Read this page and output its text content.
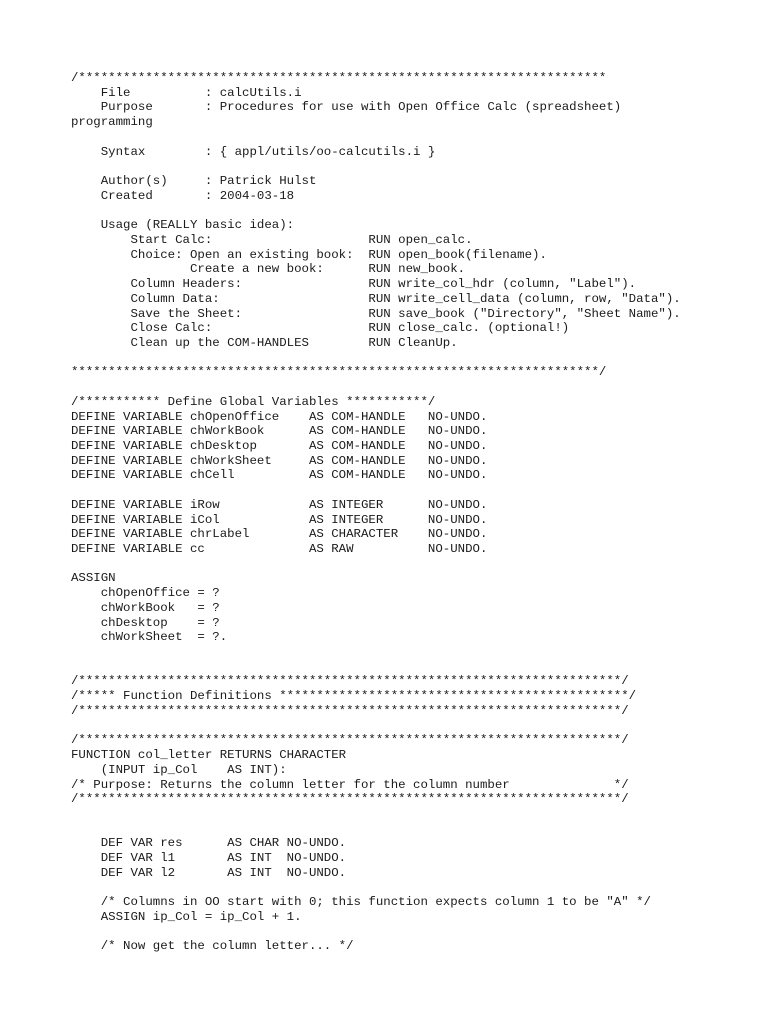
/***********************************************************************
File          : calcUtils.i
Purpose       : Procedures for use with Open Office Calc (spreadsheet)
programming
Syntax        : { appl/utils/oo-calcutils.i }
Author(s)     : Patrick Hulst
Created       : 2004-03-18
Usage (REALLY basic idea):
Start Calc:                     RUN open_calc.
Choice: Open an existing book:  RUN open_book(filename).
Create a new book:      RUN new_book.
Column Headers:                 RUN write_col_hdr (column, "Label").
Column Data:                    RUN write_cell_data (column, row, "Data").
Save the Sheet:                 RUN save_book ("Directory", "Sheet Name").
Close Calc:                     RUN close_calc. (optional!)
Clean up the COM-HANDLES        RUN CleanUp.
***********************************************************************/
/*********** Define Global Variables ***********/
DEFINE VARIABLE chOpenOffice    AS COM-HANDLE   NO-UNDO.
DEFINE VARIABLE chWorkBook      AS COM-HANDLE   NO-UNDO.
DEFINE VARIABLE chDesktop       AS COM-HANDLE   NO-UNDO.
DEFINE VARIABLE chWorkSheet     AS COM-HANDLE   NO-UNDO.
DEFINE VARIABLE chCell          AS COM-HANDLE   NO-UNDO.
DEFINE VARIABLE iRow            AS INTEGER      NO-UNDO.
DEFINE VARIABLE iCol            AS INTEGER      NO-UNDO.
DEFINE VARIABLE chrLabel        AS CHARACTER    NO-UNDO.
DEFINE VARIABLE cc              AS RAW          NO-UNDO.
ASSIGN
chOpenOffice = ?
chWorkBook   = ?
chDesktop    = ?
chWorkSheet  = ?.
/*************************************************************************/
/***** Function Definitions ***********************************************/
/*************************************************************************/
/*************************************************************************/
FUNCTION col_letter RETURNS CHARACTER
(INPUT ip_Col    AS INT):
/* Purpose: Returns the column letter for the column number              */
/*************************************************************************/
DEF VAR res      AS CHAR NO-UNDO.
DEF VAR l1       AS INT  NO-UNDO.
DEF VAR l2       AS INT  NO-UNDO.
/* Columns in OO start with 0; this function expects column 1 to be "A" */
ASSIGN ip_Col = ip_Col + 1.
/* Now get the column letter... */
